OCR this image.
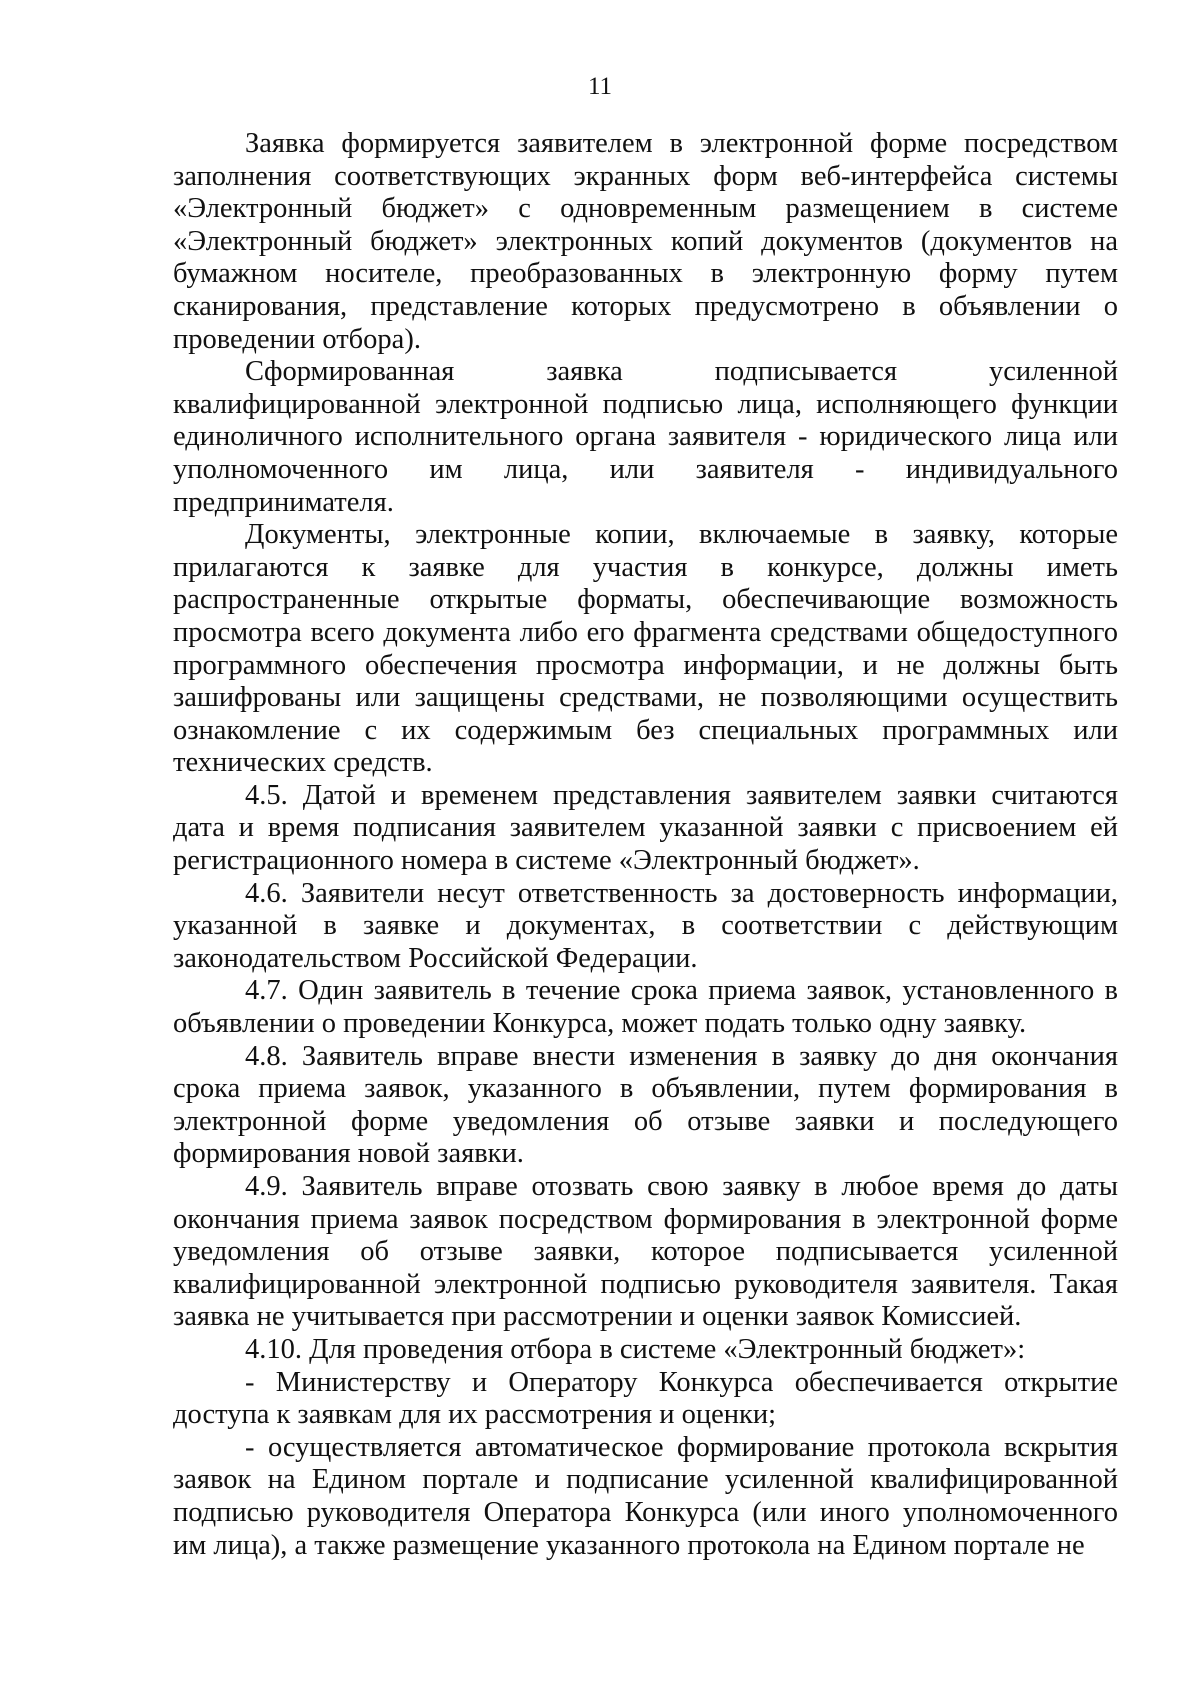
11

Заявка формируется заявителем в электронной форме посредством заполнения соответствующих экранных форм веб-интерфейса системы «Электронный бюджет» с одновременным размещением в системе «Электронный бюджет» электронных копий документов (документов на бумажном носителе, преобразованных в электронную форму путем сканирования, представление которых предусмотрено в объявлении о проведении отбора).

Сформированная заявка подписывается усиленной квалифицированной электронной подписью лица, исполняющего функции единоличного исполнительного органа заявителя - юридического лица или уполномоченного им лица, или заявителя - индивидуального предпринимателя.

Документы, электронные копии, включаемые в заявку, которые прилагаются к заявке для участия в конкурсе, должны иметь распространенные открытые форматы, обеспечивающие возможность просмотра всего документа либо его фрагмента средствами общедоступного программного обеспечения просмотра информации, и не должны быть зашифрованы или защищены средствами, не позволяющими осуществить ознакомление с их содержимым без специальных программных или технических средств.

4.5. Датой и временем представления заявителем заявки считаются дата и время подписания заявителем указанной заявки с присвоением ей регистрационного номера в системе «Электронный бюджет».

4.6. Заявители несут ответственность за достоверность информации, указанной в заявке и документах, в соответствии с действующим законодательством Российской Федерации.

4.7. Один заявитель в течение срока приема заявок, установленного в объявлении о проведении Конкурса, может подать только одну заявку.

4.8. Заявитель вправе внести изменения в заявку до дня окончания срока приема заявок, указанного в объявлении, путем формирования в электронной форме уведомления об отзыве заявки и последующего формирования новой заявки.

4.9. Заявитель вправе отозвать свою заявку в любое время до даты окончания приема заявок посредством формирования в электронной форме уведомления об отзыве заявки, которое подписывается усиленной квалифицированной электронной подписью руководителя заявителя. Такая заявка не учитывается при рассмотрении и оценки заявок Комиссией.

4.10. Для проведения отбора в системе «Электронный бюджет»:

- Министерству и Оператору Конкурса обеспечивается открытие доступа к заявкам для их рассмотрения и оценки;

- осуществляется автоматическое формирование протокола вскрытия заявок на Едином портале и подписание усиленной квалифицированной подписью руководителя Оператора Конкурса (или иного уполномоченного им лица), а также размещение указанного протокола на Едином портале не
